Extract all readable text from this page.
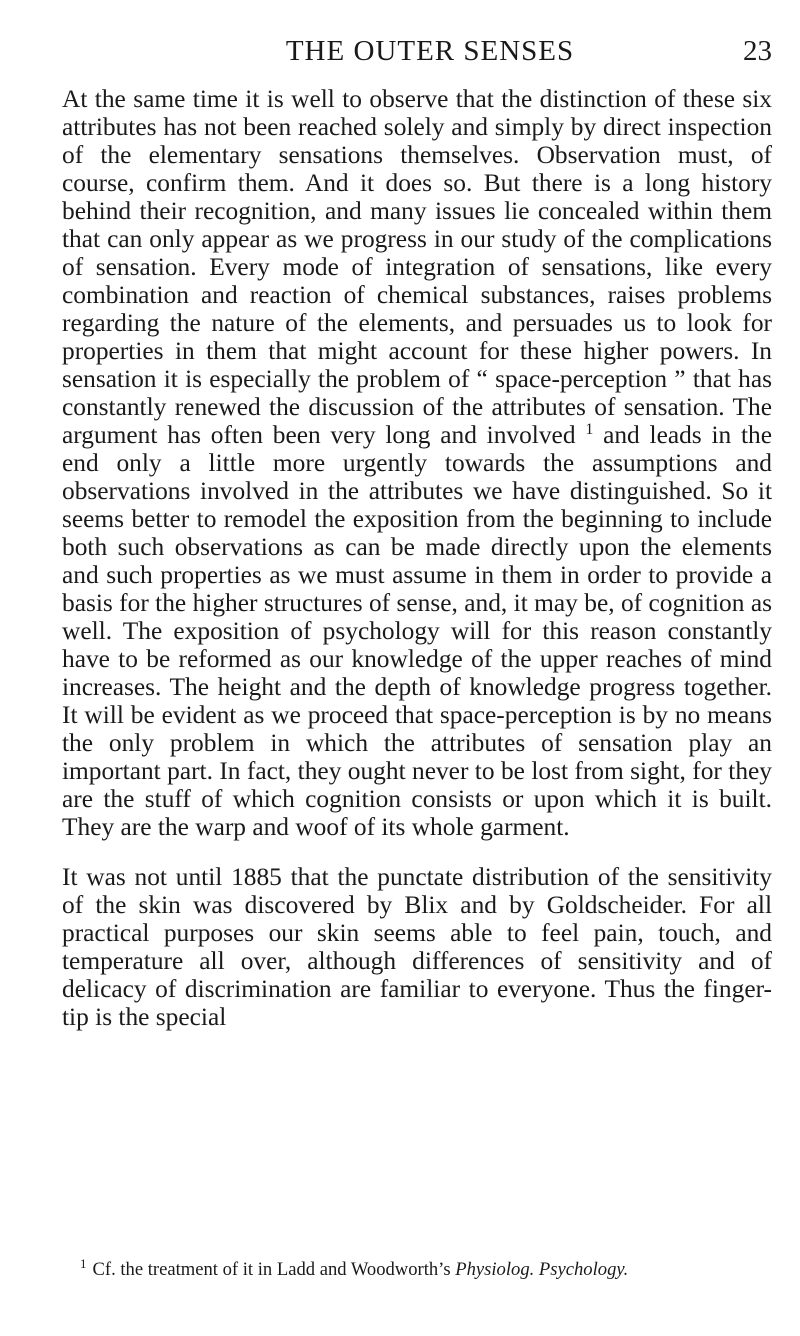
THE OUTER SENSES	23

At the same time it is well to observe that the distinction of these six attributes has not been reached solely and simply by direct inspection of the elementary sensations themselves. Observation must, of course, confirm them. And it does so. But there is a long history behind their recognition, and many issues lie concealed within them that can only appear as we progress in our study of the complications of sensation. Every mode of integration of sensations, like every combination and reaction of chemical substances, raises problems regarding the nature of the elements, and persuades us to look for properties in them that might account for these higher powers. In sensation it is especially the problem of “ space-perception ” that has constantly renewed the discussion of the attributes of sensation. The argument has often been very long and involved $^1$ and leads in the end only a little more urgently towards the assumptions and observations involved in the attributes we have distinguished. So it seems better to remodel the exposition from the beginning to include both such observations as can be made directly upon the elements and such properties as we must assume in them in order to provide a basis for the higher structures of sense, and, it may be, of cognition as well. The exposition of psychology will for this reason constantly have to be reformed as our knowledge of the upper reaches of mind increases. The height and the depth of knowledge progress together. It will be evident as we proceed that space-perception is by no means the only problem in which the attributes of sensation play an important part. In fact, they ought never to be lost from sight, for they are the stuff of which cognition consists or upon which it is built. They are the warp and woof of its whole garment.

It was not until 1885 that the punctate distribution of the sensitivity of the skin was discovered by Blix and by Goldscheider. For all practical purposes our skin seems able to feel pain, touch, and temperature all over, although differences of sensitivity and of delicacy of discrimination are familiar to everyone. Thus the finger-tip is the special

$^1$ Cf. the treatment of it in Ladd and Woodworth’s Physiolog. Psychology.
